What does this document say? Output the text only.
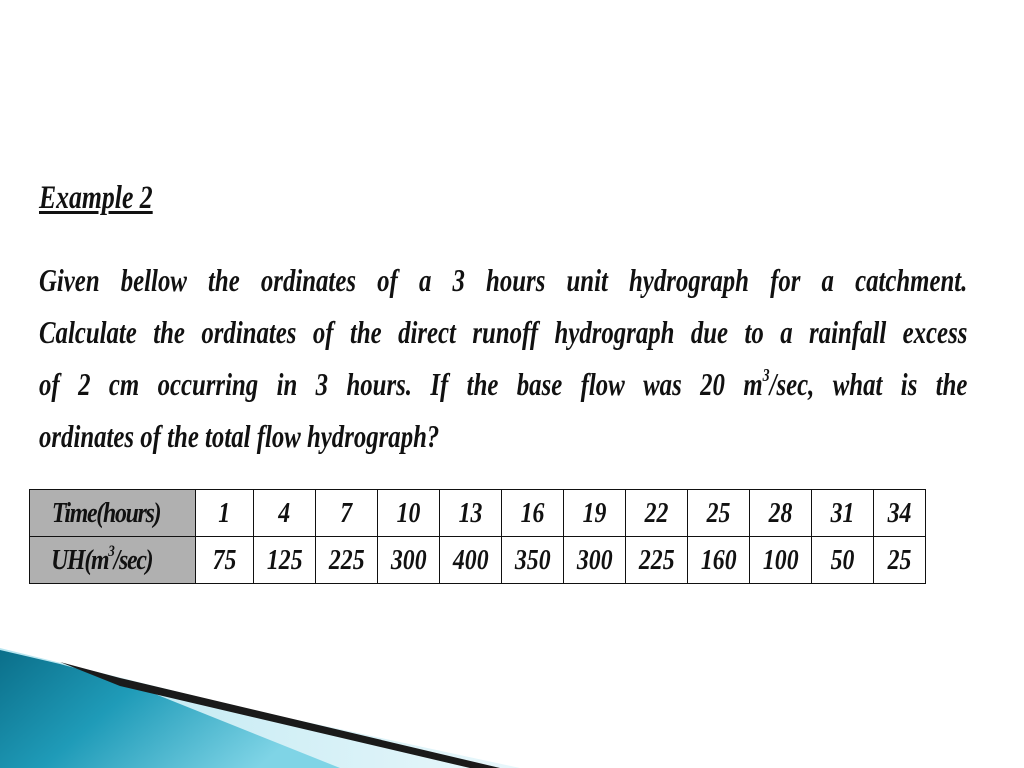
Example 2
Given bellow the ordinates of a 3 hours unit hydrograph for a catchment.
Calculate the ordinates of the direct runoff hydrograph due to a rainfall excess
of 2 cm occurring in 3 hours. If the base flow was 20 $m^3/\sec$, what is the
ordinates of the total flow hydrograph?
Time(hours)	1	4	7	10	13	16	19	22	25	28	31	34
$UH(m^3/\sec)$	75	125	225	300	400	350	300	225	160	100	50	25
